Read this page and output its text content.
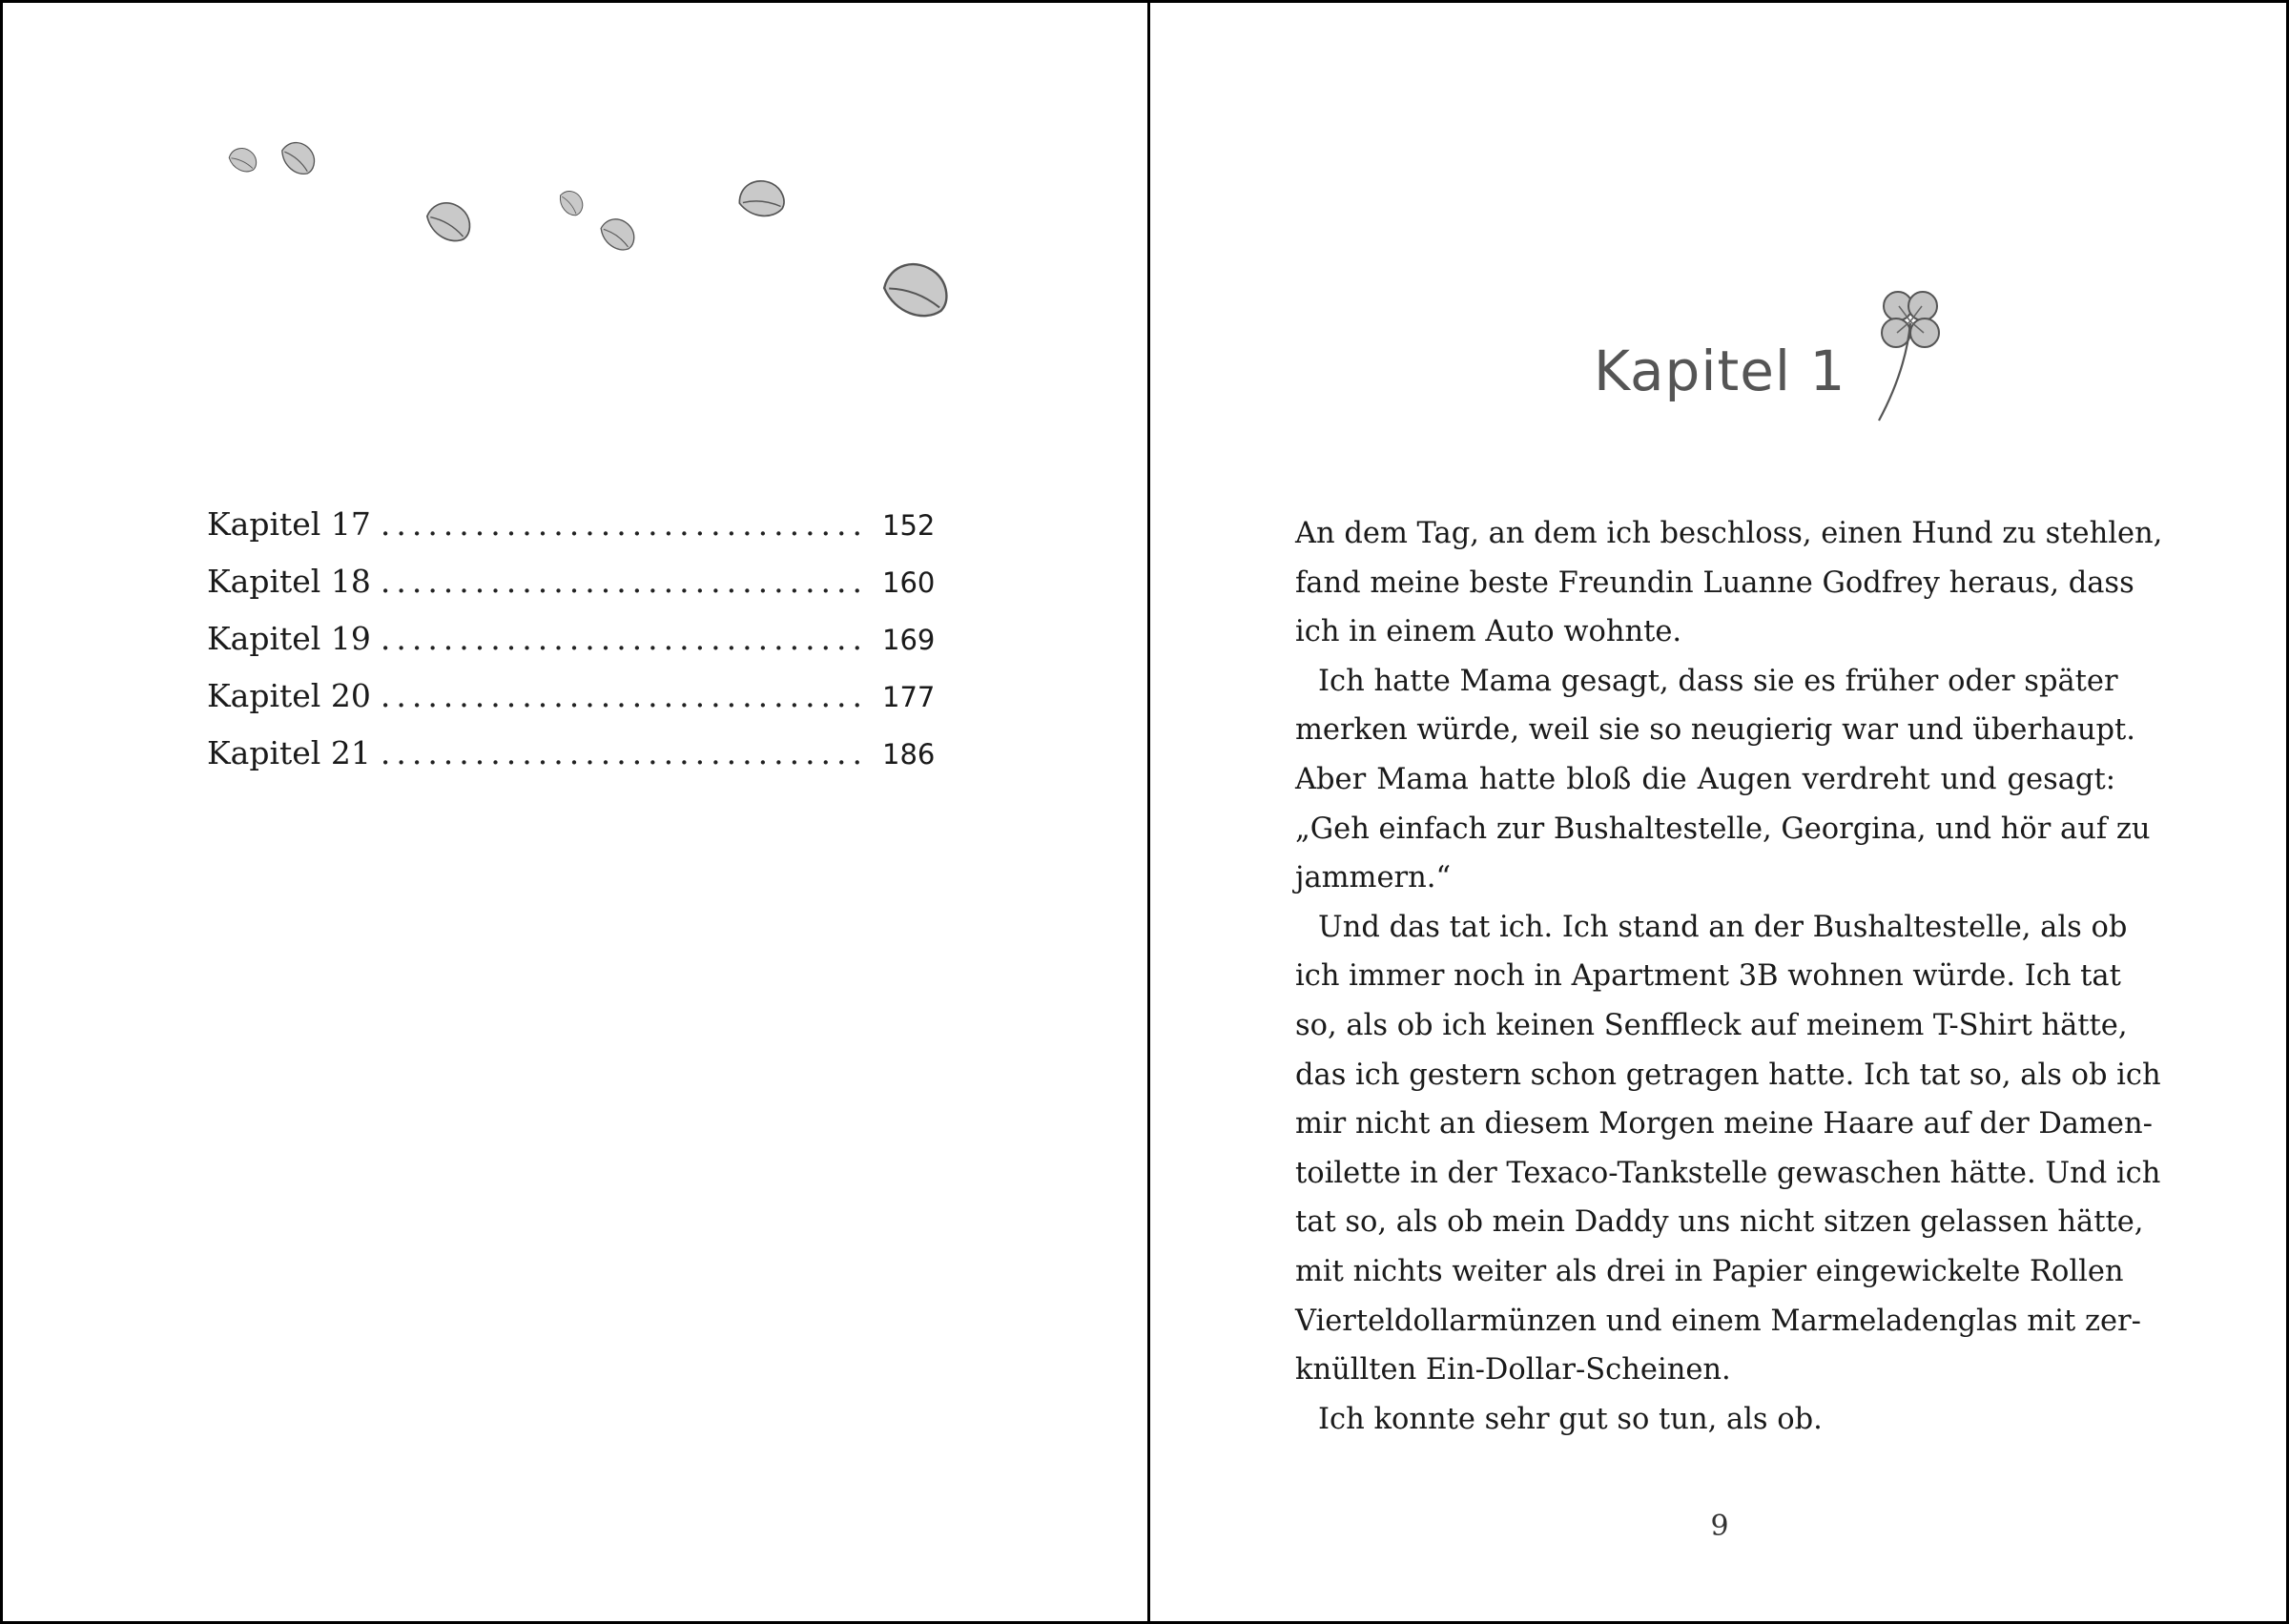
Kapitel 17 .....	152
Kapitel 18 .....	160
Kapitel 19 .....	169
Kapitel 20 .....	177
Kapitel 21 .....	186
Kapitel 1
An dem Tag, an dem ich beschloss, einen Hund zu stehlen,
fand meine beste Freundin Luanne Godfrey heraus, dass
ich in einem Auto wohnte.
Ich hatte Mama gesagt, dass sie es früher oder später
merken würde, weil sie so neugierig war und überhaupt.
Aber Mama hatte bloß die Augen verdreht und gesagt:
„Geh einfach zur Bushaltestelle, Georgina, und hör auf zu
jammern.“
Und das tat ich. Ich stand an der Bushaltestelle, als ob
ich immer noch in Apartment 3B wohnen würde. Ich tat
so, als ob ich keinen Senffleck auf meinem T-Shirt hätte,
das ich gestern schon getragen hatte. Ich tat so, als ob ich
mir nicht an diesem Morgen meine Haare auf der Damen-
toilette in der Texaco-Tankstelle gewaschen hätte. Und ich
tat so, als ob mein Daddy uns nicht sitzen gelassen hätte,
mit nichts weiter als drei in Papier eingewickelte Rollen
Vierteldollarmünzen und einem Marmeladenglas mit zer-
knüllten Ein-Dollar-Scheinen.
Ich konnte sehr gut so tun, als ob.
9
